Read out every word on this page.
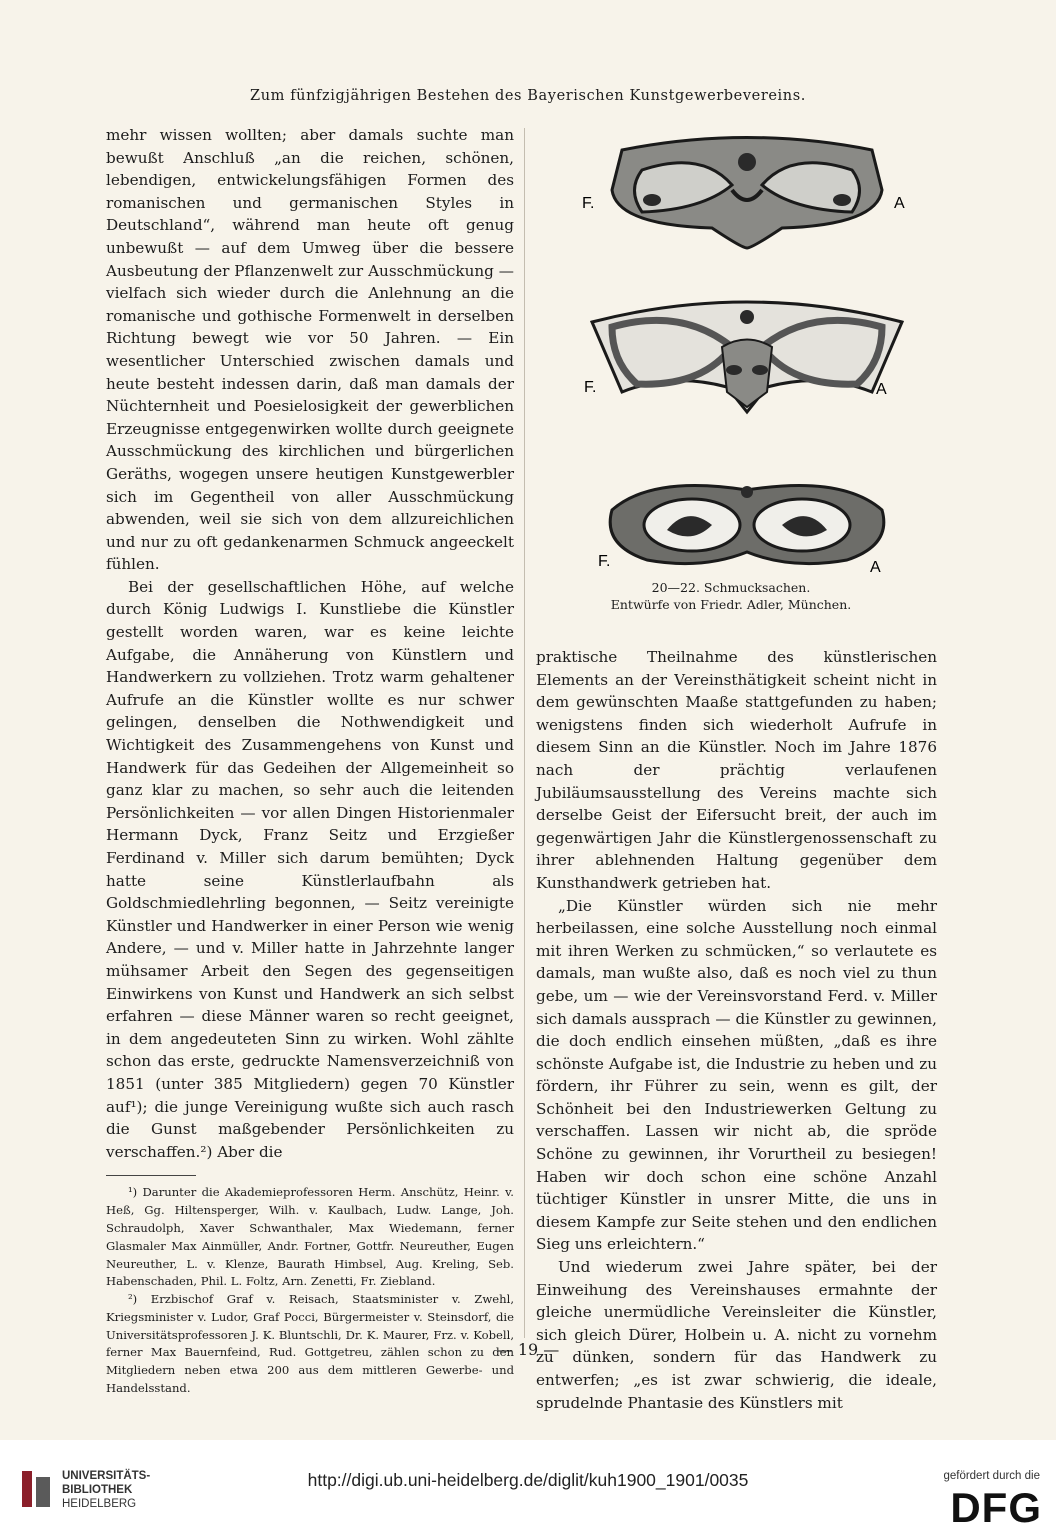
Zum fünfzigjährigen Bestehen des Bayerischen Kunstgewerbevereins.

mehr wissen wollten; aber damals suchte man bewußt Anschluß „an die reichen, schönen, lebendigen, entwickelungsfähigen Formen des romanischen und germanischen Styles in Deutschland“, während man heute oft genug unbewußt — auf dem Umweg über die bessere Ausbeutung der Pflanzenwelt zur Ausschmückung — vielfach sich wieder durch die Anlehnung an die romanische und gothische Formenwelt in derselben Richtung bewegt wie vor 50 Jahren. — Ein wesentlicher Unterschied zwischen damals und heute besteht indessen darin, daß man damals der Nüchternheit und Poesielosigkeit der gewerblichen Erzeugnisse entgegenwirken wollte durch geeignete Ausschmückung des kirchlichen und bürgerlichen Geräths, wogegen unsere heutigen Kunstgewerbler sich im Gegentheil von aller Ausschmückung abwenden, weil sie sich von dem allzureichlichen und nur zu oft gedankenarmen Schmuck angeeckelt fühlen.

Bei der gesellschaftlichen Höhe, auf welche durch König Ludwigs I. Kunstliebe die Künstler gestellt worden waren, war es keine leichte Aufgabe, die Annäherung von Künstlern und Handwerkern zu vollziehen. Trotz warm gehaltener Aufrufe an die Künstler wollte es nur schwer gelingen, denselben die Nothwendigkeit und Wichtigkeit des Zusammengehens von Kunst und Handwerk für das Gedeihen der Allgemeinheit so ganz klar zu machen, so sehr auch die leitenden Persönlichkeiten — vor allen Dingen Historienmaler Hermann Dyck, Franz Seitz und Erzgießer Ferdinand v. Miller sich darum bemühten; Dyck hatte seine Künstlerlaufbahn als Goldschmiedlehrling begonnen, — Seitz vereinigte Künstler und Handwerker in einer Person wie wenig Andere, — und v. Miller hatte in Jahrzehnte langer mühsamer Arbeit den Segen des gegenseitigen Einwirkens von Kunst und Handwerk an sich selbst erfahren — diese Männer waren so recht geeignet, in dem angedeuteten Sinn zu wirken. Wohl zählte schon das erste, gedruckte Namensverzeichniß von 1851 (unter 385 Mitgliedern) gegen 70 Künstler auf¹); die junge Vereinigung wußte sich auch rasch die Gunst maßgebender Persönlichkeiten zu verschaffen.²) Aber die

¹) Darunter die Akademieprofessoren Herm. Anschütz, Heinr. v. Heß, Gg. Hiltensperger, Wilh. v. Kaulbach, Ludw. Lange, Joh. Schraudolph, Xaver Schwanthaler, Max Wiedemann, ferner Glasmaler Max Ainmüller, Andr. Fortner, Gottfr. Neureuther, Eugen Neureuther, L. v. Klenze, Baurath Himbsel, Aug. Kreling, Seb. Habenschaden, Phil. L. Foltz, Arn. Zenetti, Fr. Ziebland.

²) Erzbischof Graf v. Reisach, Staatsminister v. Zwehl, Kriegsminister v. Ludor, Graf Pocci, Bürgermeister v. Steinsdorf, die Universitätsprofessoren J. K. Bluntschli, Dr. K. Maurer, Frz. v. Kobell, ferner Max Bauernfeind, Rud. Gottgetreu, zählen schon zu den Mitgliedern neben etwa 200 aus dem mittleren Gewerbe- und Handelsstand.

F.	A
F.	A
F.	A
20—22. Schmucksachen.
Entwürfe von Friedr. Adler, München.

praktische Theilnahme des künstlerischen Elements an der Vereinsthätigkeit scheint nicht in dem gewünschten Maaße stattgefunden zu haben; wenigstens finden sich wiederholt Aufrufe in diesem Sinn an die Künstler. Noch im Jahre 1876 nach der prächtig verlaufenen Jubiläumsausstellung des Vereins machte sich derselbe Geist der Eifersucht breit, der auch im gegenwärtigen Jahr die Künstlergenossenschaft zu ihrer ablehnenden Haltung gegenüber dem Kunsthandwerk getrieben hat.

„Die Künstler würden sich nie mehr herbeilassen, eine solche Ausstellung noch einmal mit ihren Werken zu schmücken,“ so verlautete es damals, man wußte also, daß es noch viel zu thun gebe, um — wie der Vereinsvorstand Ferd. v. Miller sich damals aussprach — die Künstler zu gewinnen, die doch endlich einsehen müßten, „daß es ihre schönste Aufgabe ist, die Industrie zu heben und zu fördern, ihr Führer zu sein, wenn es gilt, der Schönheit bei den Industriewerken Geltung zu verschaffen. Lassen wir nicht ab, die spröde Schöne zu gewinnen, ihr Vorurtheil zu besiegen! Haben wir doch schon eine schöne Anzahl tüchtiger Künstler in unsrer Mitte, die uns in diesem Kampfe zur Seite stehen und den endlichen Sieg uns erleichtern.“

Und wiederum zwei Jahre später, bei der Einweihung des Vereinshauses ermahnte der gleiche unermüdliche Vereinsleiter die Künstler, sich gleich Dürer, Holbein u. A. nicht zu vornehm zu dünken, sondern für das Handwerk zu entwerfen; „es ist zwar schwierig, die ideale, sprudelnde Phantasie des Künstlers mit

— 19 —
UNIVERSITÄTS-
BIBLIOTHEK
HEIDELBERG
http://digi.ub.uni-heidelberg.de/diglit/kuh1900_1901/0035	gefördert durch die
DFG
